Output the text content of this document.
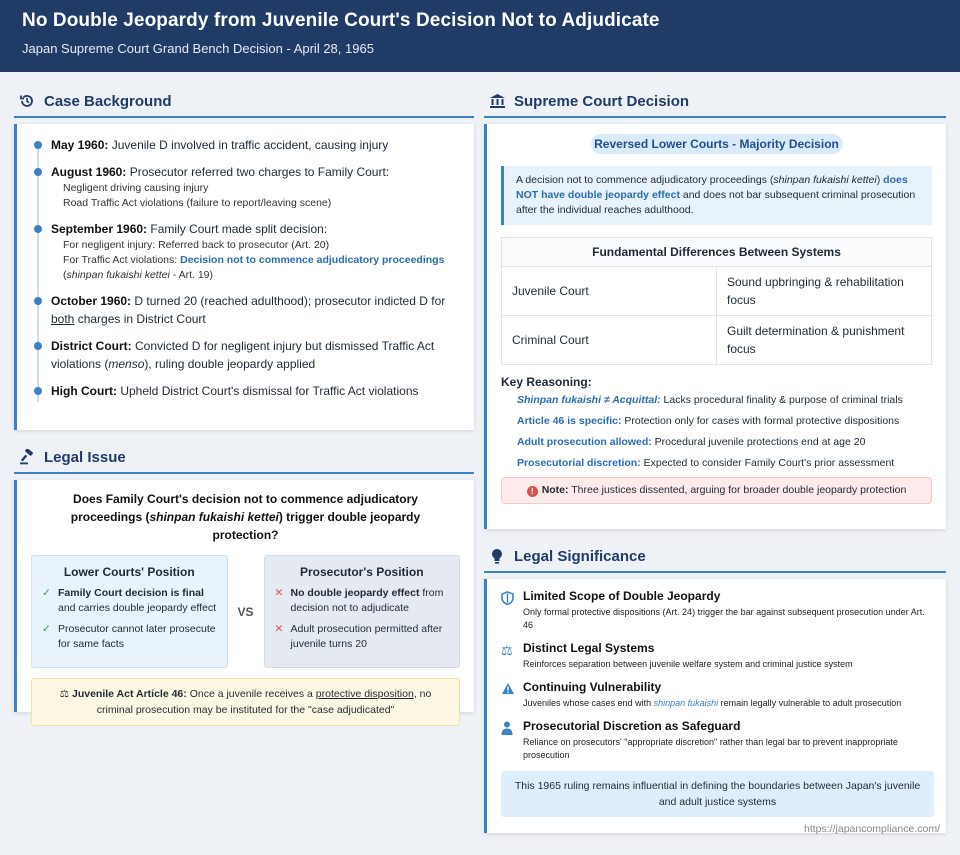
No Double Jeopardy from Juvenile Court's Decision Not to Adjudicate
Japan Supreme Court Grand Bench Decision - April 28, 1965
Case Background
May 1960: Juvenile D involved in traffic accident, causing injury
August 1960: Prosecutor referred two charges to Family Court:
Negligent driving causing injury
Road Traffic Act violations (failure to report/leaving scene)
September 1960: Family Court made split decision:
For negligent injury: Referred back to prosecutor (Art. 20)
For Traffic Act violations: Decision not to commence adjudicatory proceedings
(shinpan fukaishi kettei - Art. 19)
October 1960: D turned 20 (reached adulthood); prosecutor indicted D for both charges in District Court
District Court: Convicted D for negligent injury but dismissed Traffic Act violations (menso), ruling double jeopardy applied
High Court: Upheld District Court's dismissal for Traffic Act violations
Legal Issue
Does Family Court's decision not to commence adjudicatory proceedings (shinpan fukaishi kettei) trigger double jeopardy protection?
Lower Courts' Position
✓ Family Court decision is final and carries double jeopardy effect
✓ Prosecutor cannot later prosecute for same facts
VS
Prosecutor's Position
✕ No double jeopardy effect from decision not to adjudicate
✕ Adult prosecution permitted after juvenile turns 20
⚖ Juvenile Act Article 46: Once a juvenile receives a protective disposition, no criminal prosecution may be instituted for the "case adjudicated"
Supreme Court Decision
Reversed Lower Courts - Majority Decision
A decision not to commence adjudicatory proceedings (shinpan fukaishi kettei) does NOT have double jeopardy effect and does not bar subsequent criminal prosecution after the individual reaches adulthood.
Fundamental Differences Between Systems	
Juvenile Court	Sound upbringing & rehabilitation focus
Criminal Court	Guilt determination & punishment focus
Key Reasoning:
Shinpan fukaishi ≠ Acquittal: Lacks procedural finality & purpose of criminal trials
Article 46 is specific: Protection only for cases with formal protective dispositions
Adult prosecution allowed: Procedural juvenile protections end at age 20
Prosecutorial discretion: Expected to consider Family Court's prior assessment
! Note: Three justices dissented, arguing for broader double jeopardy protection
Legal Significance
Limited Scope of Double Jeopardy

Only formal protective dispositions (Art. 24) trigger the bar against subsequent prosecution under Art. 46

⚖ Distinct Legal Systems

Reinforces separation between juvenile welfare system and criminal justice system

Continuing Vulnerability

Juveniles whose cases end with shinpan fukaishi remain legally vulnerable to adult prosecution

Prosecutorial Discretion as Safeguard

Reliance on prosecutors' "appropriate discretion" rather than legal bar to prevent inappropriate prosecution

This 1965 ruling remains influential in defining the boundaries between Japan's juvenile and adult justice systems
https://japancompliance.com/
